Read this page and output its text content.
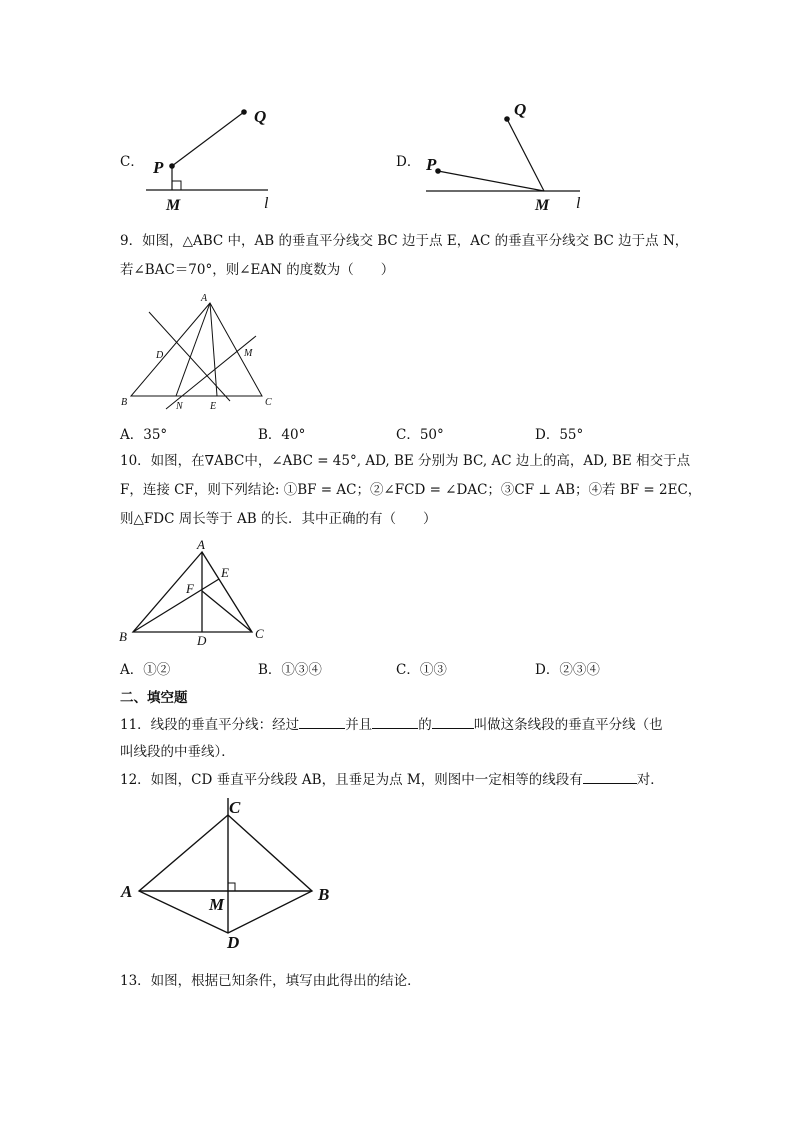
C． P
Q
M	l
D． P
Q
M l
9．如图，△ABC 中，AB 的垂直平分线交 BC 边于点 E，AC 的垂直平分线交 BC 边于点 N，
若∠BAC＝70°，则∠EAN 的度数为（　　）
A
B	C
D	M
N	E
A．35°	B．40°	C．50°	D．55°
10．如图，在∇ABC中，∠ABC = 45°, AD, BE 分别为 BC, AC 边上的高，AD, BE 相交于点
F，连接 CF，则下列结论: ①BF = AC；②∠FCD = ∠DAC；③CF ⊥ AB；④若 BF = 2EC，
则△FDC 周长等于 AB 的长．其中正确的有（　　）
A
B	C
D
E
F
A．①②	B．①③④	C．①③	D．②③④
二、填空题
11．线段的垂直平分线：经过	并且	的	叫做这条线段的垂直平分线（也
叫线段的中垂线）．
12．如图，CD 垂直平分线段 AB，且垂足为点 M，则图中一定相等的线段有	对．
A	B
C
D
M
13．如图，根据已知条件，填写由此得出的结论．
